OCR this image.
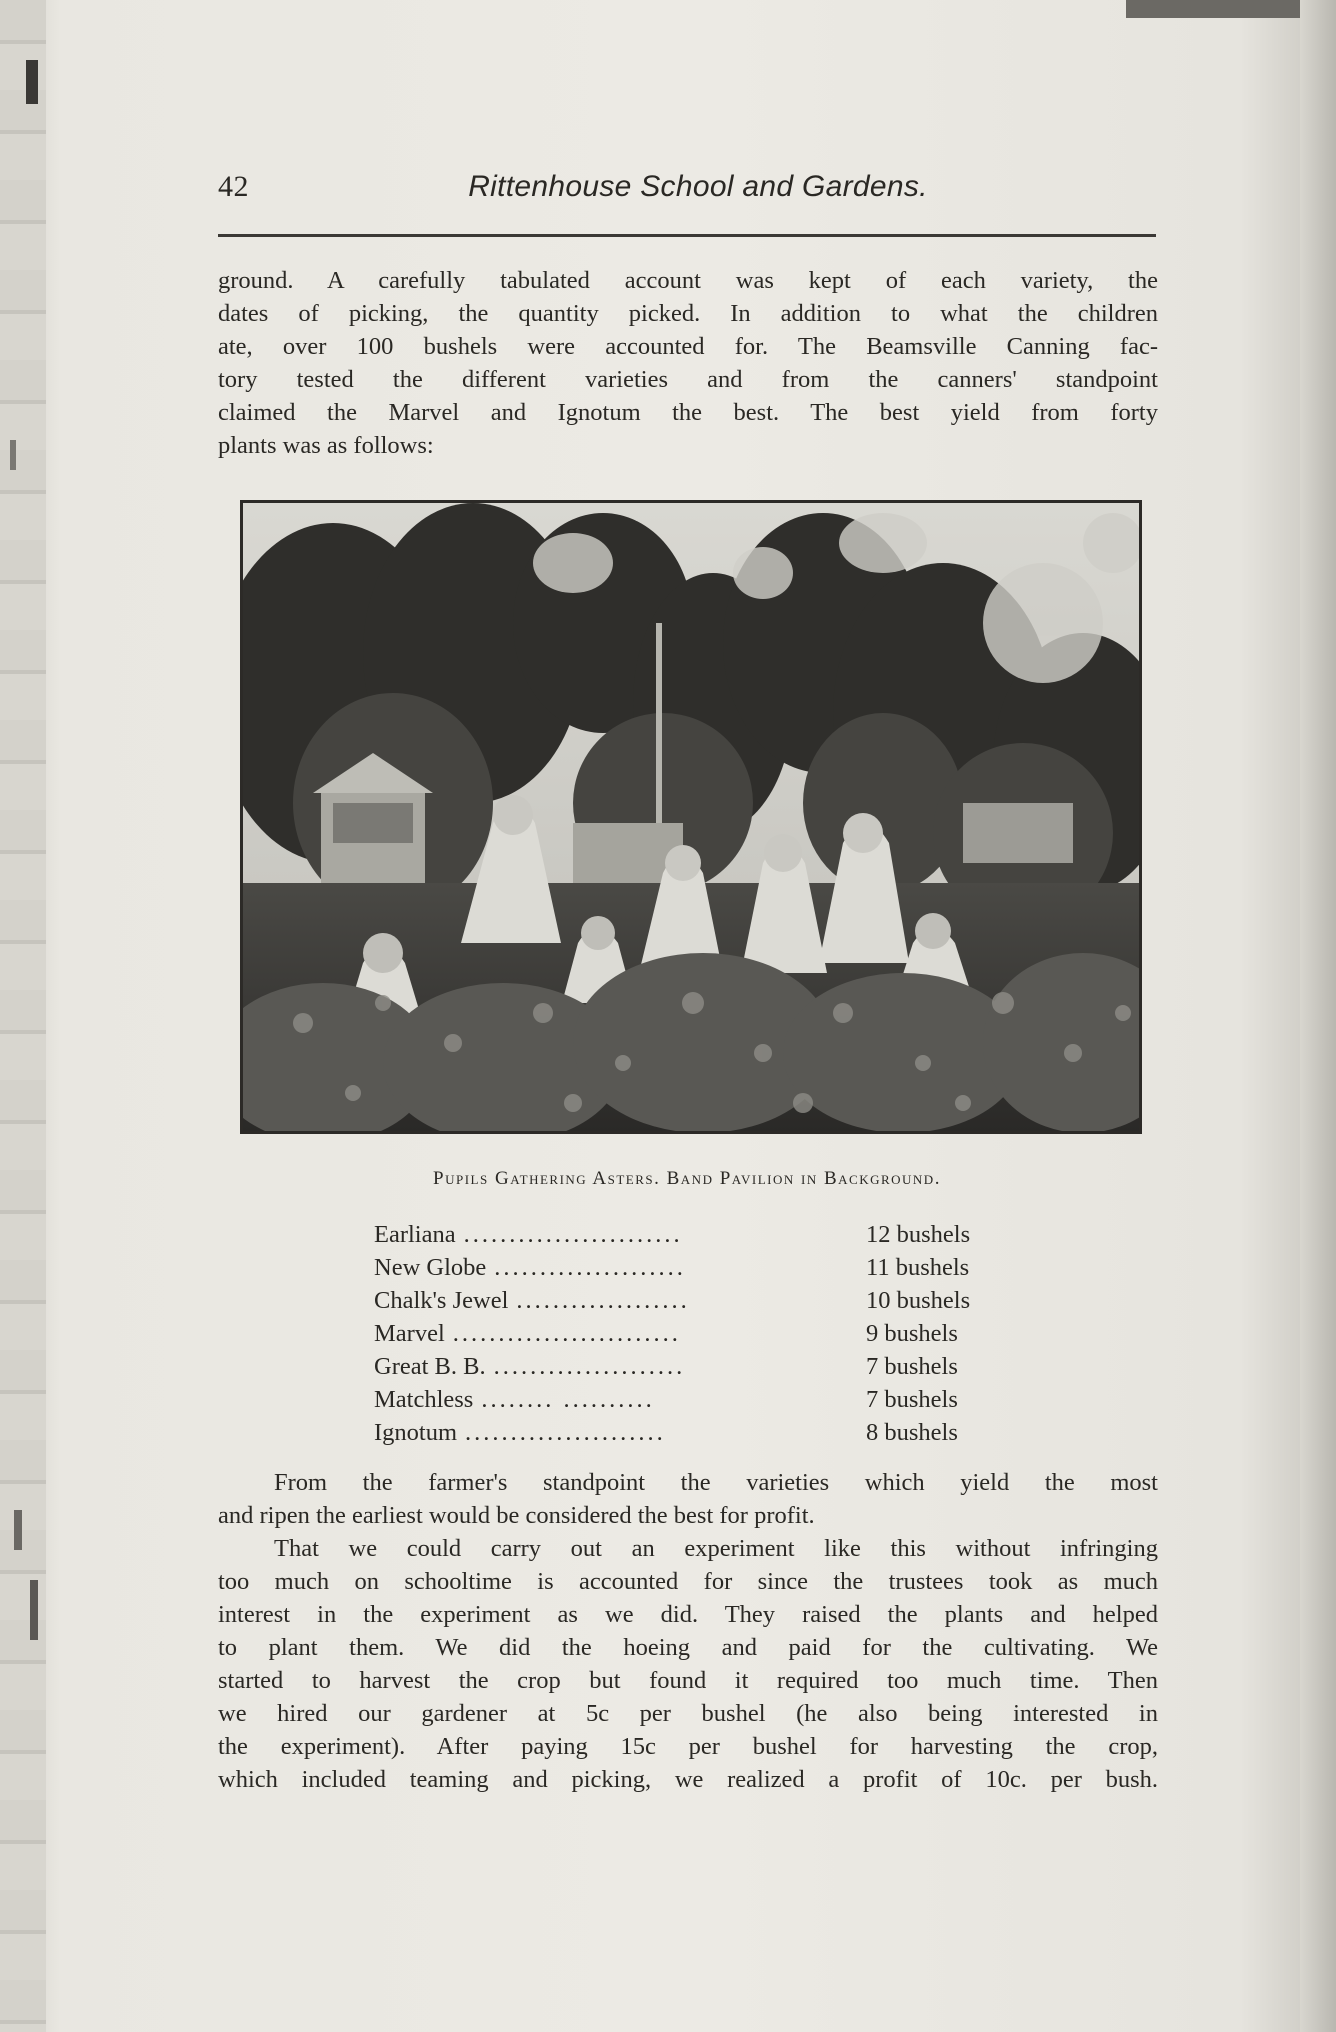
42	Rittenhouse School and Gardens.

ground. A carefully tabulated account was kept of each variety, the
dates of picking, the quantity picked. In addition to what the children
ate, over 100 bushels were accounted for. The Beamsville Canning fac-
tory tested the different varieties and from the canners' standpoint
claimed the Marvel and Ignotum the best. The best yield from forty
plants was as follows:

Pupils Gathering Asters. Band Pavilion in Background.
Earliana ........................	12 bushels
New Globe .....................	11 bushels
Chalk's Jewel ...................	10 bushels
Marvel .........................	9 bushels
Great B. B. .....................	7 bushels
Matchless ........ ..........	7 bushels
Ignotum ......................	8 bushels

From the farmer's standpoint the varieties which yield the most
and ripen the earliest would be considered the best for profit.

That we could carry out an experiment like this without infringing
too much on schooltime is accounted for since the trustees took as much
interest in the experiment as we did. They raised the plants and helped
to plant them. We did the hoeing and paid for the cultivating. We
started to harvest the crop but found it required too much time. Then
we hired our gardener at 5c per bushel (he also being interested in
the experiment). After paying 15c per bushel for harvesting the crop,
which included teaming and picking, we realized a profit of 10c. per bush.
